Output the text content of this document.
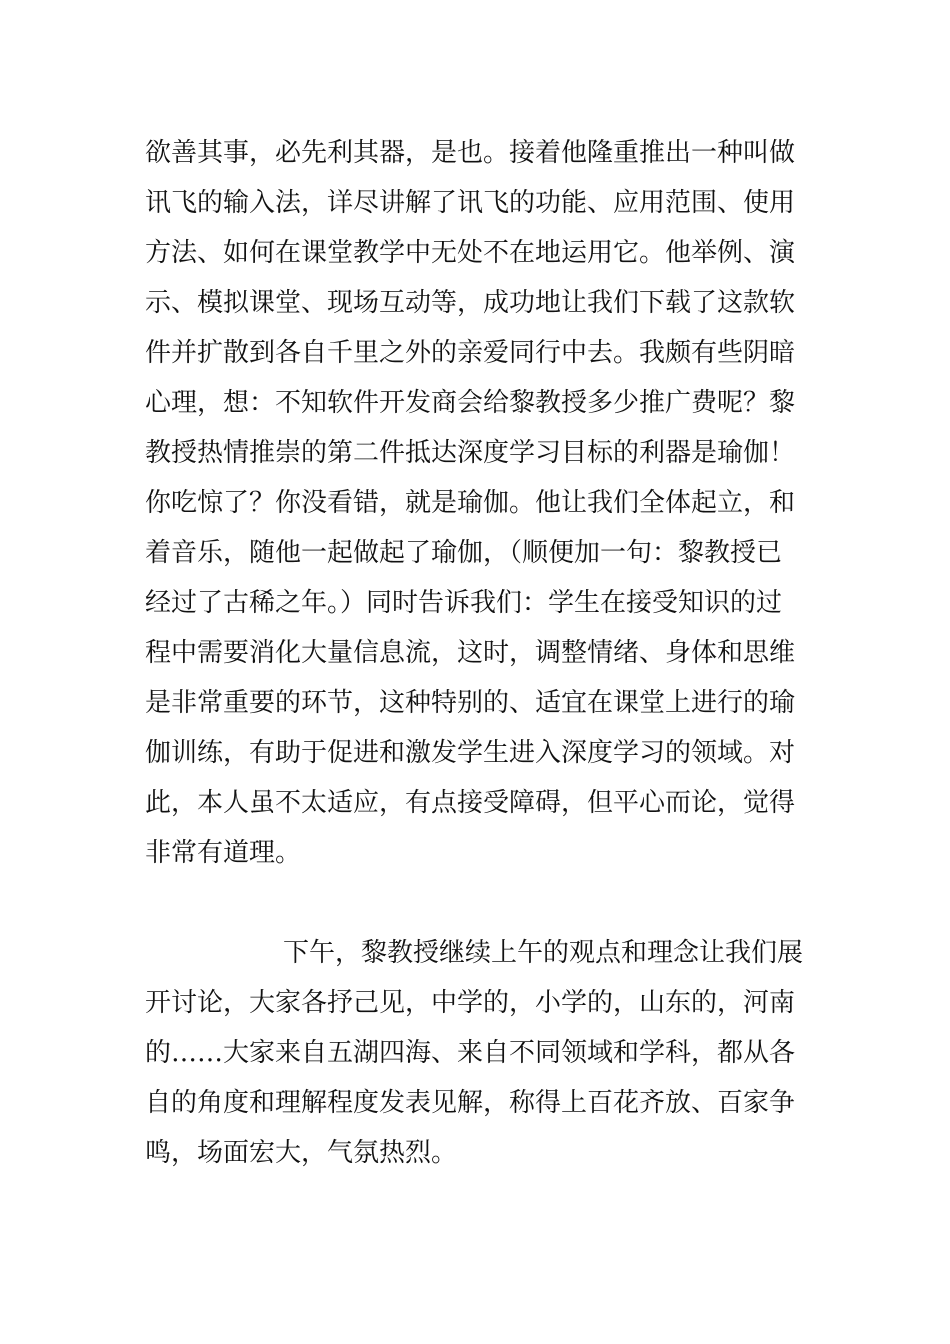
欲善其事，必先利其器，是也。接着他隆重推出一种叫做
讯飞的输入法，详尽讲解了讯飞的功能、应用范围、使用
方法、如何在课堂教学中无处不在地运用它。他举例、演
示、模拟课堂、现场互动等，成功地让我们下载了这款软
件并扩散到各自千里之外的亲爱同行中去。我颇有些阴暗
心理，想：不知软件开发商会给黎教授多少推广费呢？黎
教授热情推崇的第二件抵达深度学习目标的利器是瑜伽！
你吃惊了？你没看错，就是瑜伽。他让我们全体起立，和
着音乐，随他一起做起了瑜伽，（顺便加一句：黎教授已
经过了古稀之年。）同时告诉我们：学生在接受知识的过
程中需要消化大量信息流，这时，调整情绪、身体和思维
是非常重要的环节，这种特别的、适宜在课堂上进行的瑜
伽训练，有助于促进和激发学生进入深度学习的领域。对
此，本人虽不太适应，有点接受障碍，但平心而论，觉得
非常有道理。
下午，黎教授继续上午的观点和理念让我们展
开讨论，大家各抒己见，中学的，小学的，山东的，河南
的……大家来自五湖四海、来自不同领域和学科，都从各
自的角度和理解程度发表见解，称得上百花齐放、百家争
鸣，场面宏大，气氛热烈。
